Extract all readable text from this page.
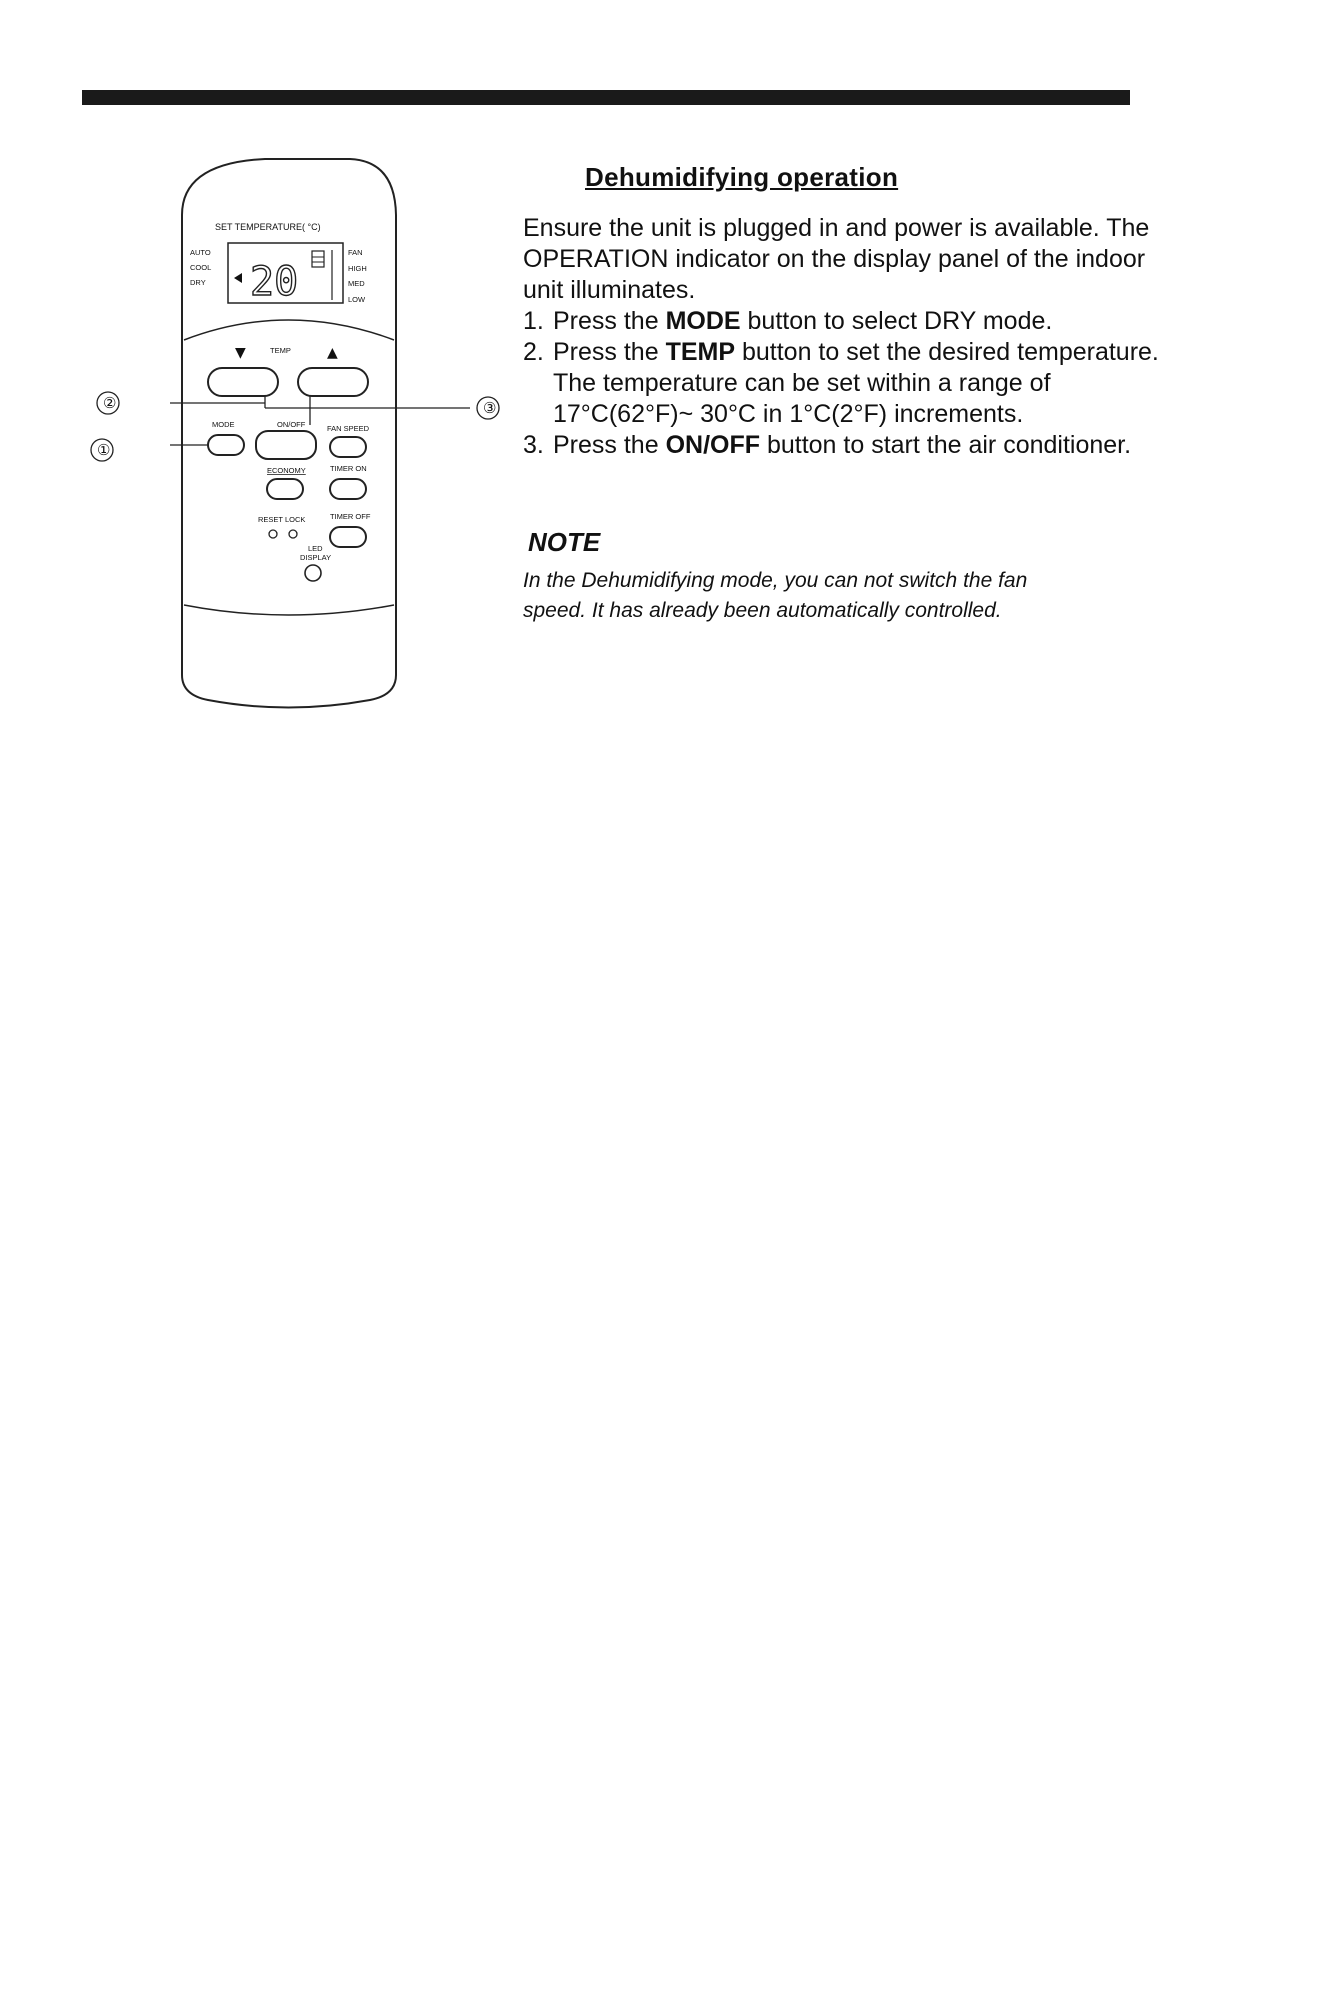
SET TEMPERATURE( °C)
AUTO
COOL
DRY 20
FAN
HIGH
MED
LOW
▼	TEMP	▲
MODE	ON/OFF	FAN SPEED
ECONOMY	TIMER ON
RESET LOCK	TIMER OFF
LED
DISPLAY
②	③
①
Dehumidifying operation

Ensure the unit is plugged in and power is available. The OPERATION indicator on the display panel of the indoor unit illuminates.

1. Press the MODE button to select DRY mode.
2. Press the TEMP button to set the desired temperature. The temperature can be set within a range of 17°C(62°F)~ 30°C in 1°C(2°F) increments.
3. Press the ON/OFF button to start the air conditioner.
NOTE
In the Dehumidifying mode, you can not switch the fan speed. It has already been automatically controlled.
